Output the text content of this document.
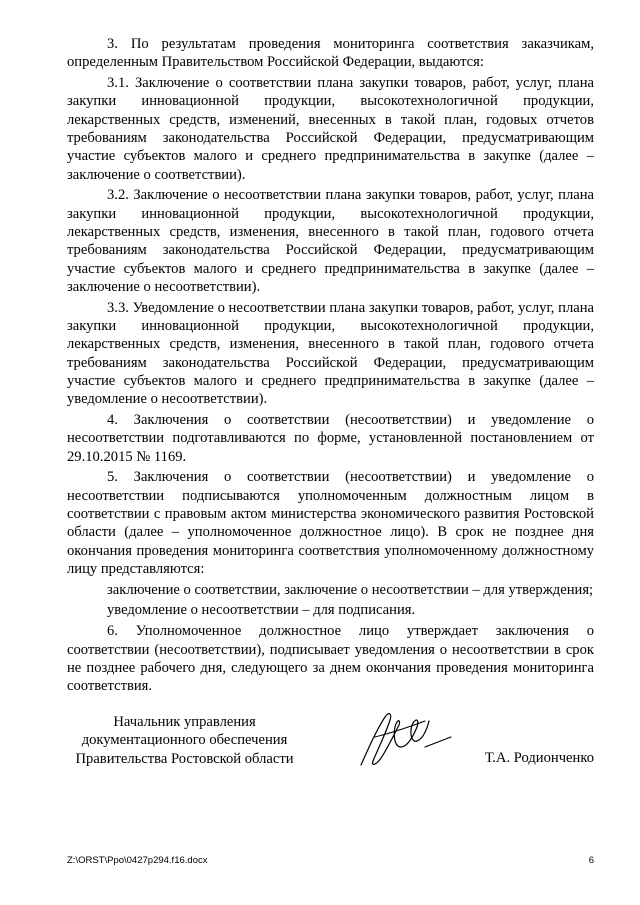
3. По результатам проведения мониторинга соответствия заказчикам, определенным Правительством Российской Федерации, выдаются:

3.1. Заключение о соответствии плана закупки товаров, работ, услуг, плана закупки инновационной продукции, высокотехнологичной продукции, лекарственных средств, изменений, внесенных в такой план, годовых отчетов требованиям законодательства Российской Федерации, предусматривающим участие субъектов малого и среднего предпринимательства в закупке (далее – заключение о соответствии).

3.2. Заключение о несоответствии плана закупки товаров, работ, услуг, плана закупки инновационной продукции, высокотехнологичной продукции, лекарственных средств, изменения, внесенного в такой план, годового отчета требованиям законодательства Российской Федерации, предусматривающим участие субъектов малого и среднего предпринимательства в закупке (далее – заключение о несоответствии).

3.3. Уведомление о несоответствии плана закупки товаров, работ, услуг, плана закупки инновационной продукции, высокотехнологичной продукции, лекарственных средств, изменения, внесенного в такой план, годового отчета требованиям законодательства Российской Федерации, предусматривающим участие субъектов малого и среднего предпринимательства в закупке (далее – уведомление о несоответствии).

4. Заключения о соответствии (несоответствии) и уведомление о несоответствии подготавливаются по форме, установленной постановлением от 29.10.2015 № 1169.

5. Заключения о соответствии (несоответствии) и уведомление о несоответствии подписываются уполномоченным должностным лицом в соответствии с правовым актом министерства экономического развития Ростовской области (далее – уполномоченное должностное лицо). В срок не позднее дня окончания проведения мониторинга соответствия уполномоченному должностному лицу представляются:

заключение о соответствии, заключение о несоответствии – для утверждения;

уведомление о несоответствии – для подписания.

6. Уполномоченное должностное лицо утверждает заключения о соответствии (несоответствии), подписывает уведомления о несоответствии в срок не позднее рабочего дня, следующего за днем окончания проведения мониторинга соответствия.

Начальник управления
документационного обеспечения
Правительства Ростовской области	Т.А. Родионченко
Z:\ORST\Ppo\0427p294.f16.docx	6
